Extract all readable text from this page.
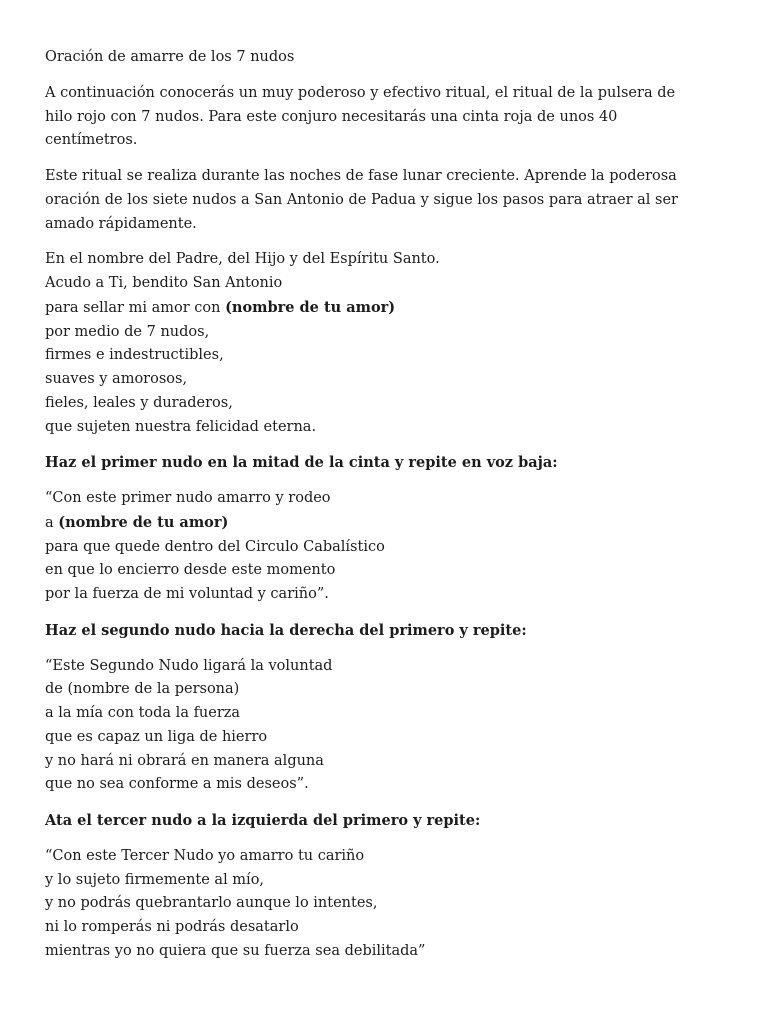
Oración de amarre de los 7 nudos

A continuación conocerás un muy poderoso y efectivo ritual, el ritual de la pulsera de
hilo rojo con 7 nudos. Para este conjuro necesitarás una cinta roja de unos 40
centímetros.
Este ritual se realiza durante las noches de fase lunar creciente. Aprende la poderosa
oración de los siete nudos a San Antonio de Padua y sigue los pasos para atraer al ser
amado rápidamente.
En el nombre del Padre, del Hijo y del Espíritu Santo.
Acudo a Ti, bendito San Antonio
para sellar mi amor con (nombre de tu amor)
por medio de 7 nudos,
firmes e indestructibles,
suaves y amorosos,
fieles, leales y duraderos,
que sujeten nuestra felicidad eterna.

Haz el primer nudo en la mitad de la cinta y repite en voz baja:

“Con este primer nudo amarro y rodeo
a (nombre de tu amor)
para que quede dentro del Circulo Cabalístico
en que lo encierro desde este momento
por la fuerza de mi voluntad y cariño”.

Haz el segundo nudo hacia la derecha del primero y repite:

“Este Segundo Nudo ligará la voluntad
de (nombre de la persona)
a la mía con toda la fuerza
que es capaz un liga de hierro
y no hará ni obrará en manera alguna
que no sea conforme a mis deseos”.

Ata el tercer nudo a la izquierda del primero y repite:

“Con este Tercer Nudo yo amarro tu cariño
y lo sujeto firmemente al mío,
y no podrás quebrantarlo aunque lo intentes,
ni lo romperás ni podrás desatarlo
mientras yo no quiera que su fuerza sea debilitada”
